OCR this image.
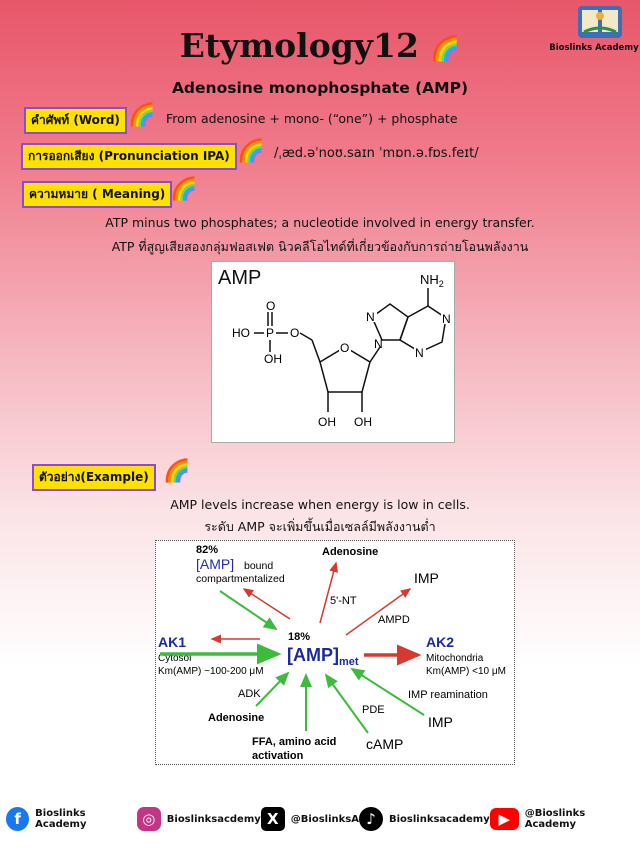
Etymology12 🌈	Bioslinks Academy
Adenosine monophosphate (AMP)
คำศัพท์ (Word) 🌈 From adenosine + mono- (“one”) + phosphate
การออกเสียง (Pronunciation IPA) 🌈 /ˌæd.əˈnoʊ.saɪn ˈmɒn.ə.fɒs.feɪt/
ความหมาย ( Meaning) 🌈
ATP minus two phosphates; a nucleotide involved in energy transfer.
ATP ที่สูญเสียสองกลุ่มฟอสเฟต นิวคลีโอไทด์ที่เกี่ยวข้องกับการถ่ายโอนพลังงาน
AMP
HO P
O
OH
O
O
OH OH
N
N	N
N
$NH_2$
ตัวอย่าง(Example) 🌈
AMP levels increase when energy is low in cells.
ระดับ AMP จะเพิ่มขึ้นเมื่อเซลล์มีพลังงานต่ำ
82%
[AMP] bound
compartmentalized
Adenosine
IMP
5'-NT
AMPD
AK1
Cytosol
Km(AMP) ~100-200 μM
18%
$[AMP]_{met}$
AK2
Mitochondria
Km(AMP) <10 μM
ADK
Adenosine
IMP reamination
PDE
IMP
FFA, amino acid
activation
cAMP
f	Bioslinks Academy	◎	Bioslinksacdemy X	@BioslinksA ♪	Bioslinksacademy ▶	@Bioslinks Academy
